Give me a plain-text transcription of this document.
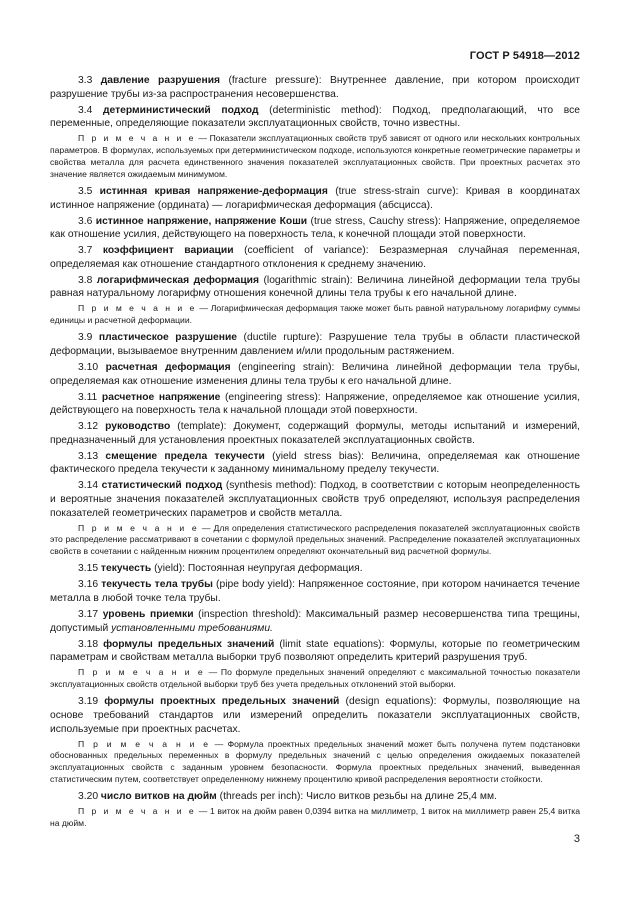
ГОСТ Р 54918—2012
3.3 давление разрушения (fracture pressure): Внутреннее давление, при котором происходит разрушение трубы из-за распространения несовершенства.
3.4 детерминистический подход (deterministic method): Подход, предполагающий, что все переменные, определяющие показатели эксплуатационных свойств, точно известны.
П р и м е ч а н и е — Показатели эксплуатационных свойств труб зависят от одного или нескольких контрольных параметров. В формулах, используемых при детерминистическом подходе, используются конкретные геометрические параметры и свойства металла для расчета единственного значения показателей эксплуатационных свойств. При проектных расчетах это значение является ожидаемым минимумом.
3.5 истинная кривая напряжение-деформация (true stress-strain curve): Кривая в координатах истинное напряжение (ордината) — логарифмическая деформация (абсцисса).
3.6 истинное напряжение, напряжение Коши (true stress, Cauchy stress): Напряжение, определяемое как отношение усилия, действующего на поверхность тела, к конечной площади этой поверхности.
3.7 коэффициент вариации (coefficient of variance): Безразмерная случайная переменная, определяемая как отношение стандартного отклонения к среднему значению.
3.8 логарифмическая деформация (logarithmic strain): Величина линейной деформации тела трубы равная натуральному логарифму отношения конечной длины тела трубы к его начальной длине.
П р и м е ч а н и е — Логарифмическая деформация также может быть равной натуральному логарифму суммы единицы и расчетной деформации.
3.9 пластическое разрушение (ductile rupture): Разрушение тела трубы в области пластической деформации, вызываемое внутренним давлением и/или продольным растяжением.
3.10 расчетная деформация (engineering strain): Величина линейной деформации тела трубы, определяемая как отношение изменения длины тела трубы к его начальной длине.
3.11 расчетное напряжение (engineering stress): Напряжение, определяемое как отношение усилия, действующего на поверхность тела к начальной площади этой поверхности.
3.12 руководство (template): Документ, содержащий формулы, методы испытаний и измерений, предназначенный для установления проектных показателей эксплуатационных свойств.
3.13 смещение предела текучести (yield stress bias): Величина, определяемая как отношение фактического предела текучести к заданному минимальному пределу текучести.
3.14 статистический подход (synthesis method): Подход, в соответствии с которым неопределенность и вероятные значения показателей эксплуатационных свойств труб определяют, используя распределения показателей геометрических параметров и свойств металла.
П р и м е ч а н и е — Для определения статистического распределения показателей эксплуатационных свойств это распределение рассматривают в сочетании с формулой предельных значений. Распределение показателей эксплуатационных свойств в сочетании с найденным нижним процентилем определяют окончательный вид расчетной формулы.
3.15 текучесть (yield): Постоянная неупругая деформация.
3.16 текучесть тела трубы (pipe body yield): Напряженное состояние, при котором начинается течение металла в любой точке тела трубы.
3.17 уровень приемки (inspection threshold): Максимальный размер несовершенства типа трещины, допустимый установленными требованиями.
3.18 формулы предельных значений (limit state equations): Формулы, которые по геометрическим параметрам и свойствам металла выборки труб позволяют определить критерий разрушения труб.
П р и м е ч а н и е — По формуле предельных значений определяют с максимальной точностью показатели эксплуатационных свойств отдельной выборки труб без учета предельных отклонений этой выборки.
3.19 формулы проектных предельных значений (design equations): Формулы, позволяющие на основе требований стандартов или измерений определить показатели эксплуатационных свойств, используемые при проектных расчетах.
П р и м е ч а н и е — Формула проектных предельных значений может быть получена путем подстановки обоснованных предельных переменных в формулу предельных значений с целью определения ожидаемых показателей эксплуатационных свойств с заданным уровнем безопасности. Формула проектных предельных значений, выведенная статистическим путем, соответствует определенному нижнему процентилю кривой распределения вероятности стойкости.
3.20 число витков на дюйм (threads per inch): Число витков резьбы на длине 25,4 мм.
П р и м е ч а н и е — 1 виток на дюйм равен 0,0394 витка на миллиметр, 1 виток на миллиметр равен 25,4 витка на дюйм.
3
